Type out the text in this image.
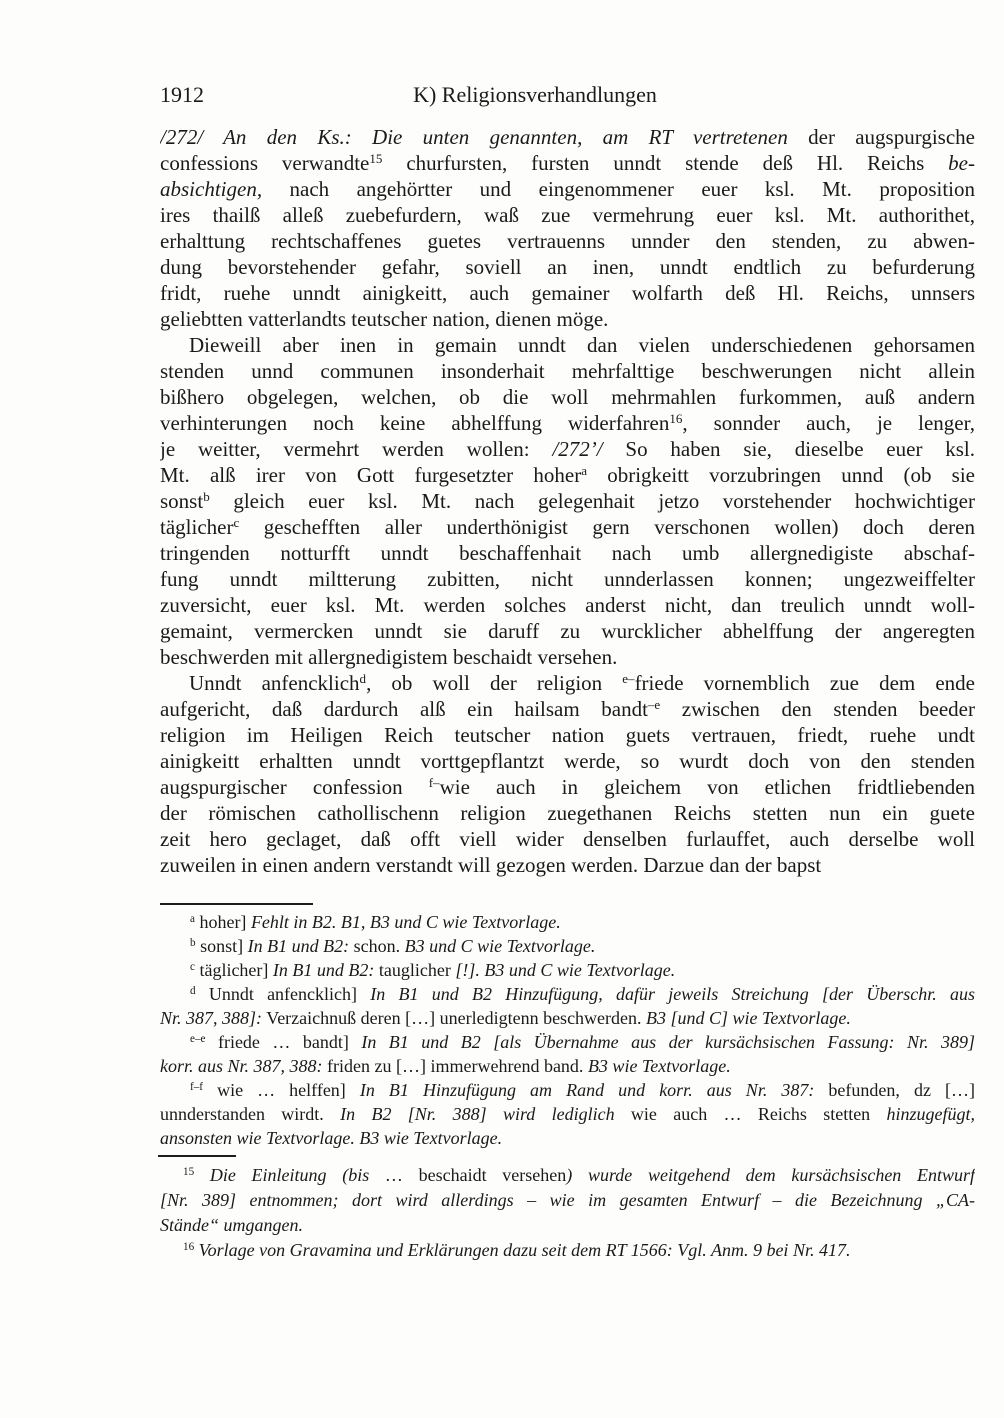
1912	K) Religionsverhandlungen
/272/ An den Ks.: Die unten genannten, am RT vertretenen der augspurgische
confessions verwandte$^{15}$ churfursten, fursten unndt stende deß Hl. Reichs be-
absichtigen, nach angehörtter und eingenommener euer ksl. Mt. proposition
ires thailß alleß zuebefurdern, waß zue vermehrung euer ksl. Mt. authorithet,
erhalttung rechtschaffenes guetes vertrauenns unnder den stenden, zu abwen-
dung bevorstehender gefahr, soviell an inen, unndt endtlich zu befurderung
fridt, ruehe unndt ainigkeitt, auch gemainer wolfarth deß Hl. Reichs, unnsers
geliebtten vatterlandts teutscher nation, dienen möge.
Dieweill aber inen in gemain unndt dan vielen underschiedenen gehorsamen
stenden unnd communen insonderhait mehrfalttige beschwerungen nicht allein
bißhero obgelegen, welchen, ob die woll mehrmahlen furkommen, auß andern
verhinterungen noch keine abhelffung widerfahren$^{16}$, sonnder auch, je lenger,
je weitter, vermehrt werden wollen: /272’/ So haben sie, dieselbe euer ksl.
Mt. alß irer von Gott furgesetzter hoher$^a$ obrigkeitt vorzubringen unnd (ob sie
sonst$^b$ gleich euer ksl. Mt. nach gelegenhait jetzo vorstehender hochwichtiger
täglicher$^c$ geschefften aller underthönigist gern verschonen wollen) doch deren
tringenden notturfft unndt beschaffenhait nach umb allergnedigiste abschaf-
fung unndt miltterung zubitten, nicht unnderlassen konnen; ungezweiffelter
zuversicht, euer ksl. Mt. werden solches anderst nicht, dan treulich unndt woll-
gemaint, vermercken unndt sie daruff zu wurcklicher abhelffung der angeregten
beschwerden mit allergnedigistem beschaidt versehen.
Unndt anfencklich$^d$, ob woll der religion $^{e-}$friede vornemblich zue dem ende
aufgericht, daß dardurch alß ein hailsam bandt$^{-e}$ zwischen den stenden beeder
religion im Heiligen Reich teutscher nation guets vertrauen, friedt, ruehe undt
ainigkeitt erhaltten unndt vorttgepflantzt werde, so wurdt doch von den stenden
augspurgischer confession $^{f-}$wie auch in gleichem von etlichen fridtliebenden
der römischen cathollischenn religion zuegethanen Reichs stetten nun ein guete
zeit hero geclaget, daß offt viell wider denselben furlauffet, auch derselbe woll
zuweilen in einen andern verstandt will gezogen werden. Darzue dan der bapst
$^a$ hoher] Fehlt in B2. B1, B3 und C wie Textvorlage.
$^b$ sonst] In B1 und B2: schon. B3 und C wie Textvorlage.
$^c$ täglicher] In B1 und B2: tauglicher [!]. B3 und C wie Textvorlage.
$^d$ Unndt anfencklich] In B1 und B2 Hinzufügung, dafür jeweils Streichung [der Überschr. aus
Nr. 387, 388]: Verzaichnuß deren […] unerledigtenn beschwerden. B3 [und C] wie Textvorlage.
$^{e-e}$ friede … bandt] In B1 und B2 [als Übernahme aus der kursächsischen Fassung: Nr. 389]
korr. aus Nr. 387, 388: friden zu […] immerwehrend band. B3 wie Textvorlage.
$^{f-f}$ wie … helffen] In B1 Hinzufügung am Rand und korr. aus Nr. 387: befunden, dz […]
unnderstanden wirdt. In B2 [Nr. 388] wird lediglich wie auch … Reichs stetten hinzugefügt,
ansonsten wie Textvorlage. B3 wie Textvorlage.
$^{15}$ Die Einleitung (bis … beschaidt versehen) wurde weitgehend dem kursächsischen Entwurf
[Nr. 389] entnommen; dort wird allerdings – wie im gesamten Entwurf – die Bezeichnung „CA-
Stände“ umgangen.
$^{16}$ Vorlage von Gravamina und Erklärungen dazu seit dem RT 1566: Vgl. Anm. 9 bei Nr. 417.
